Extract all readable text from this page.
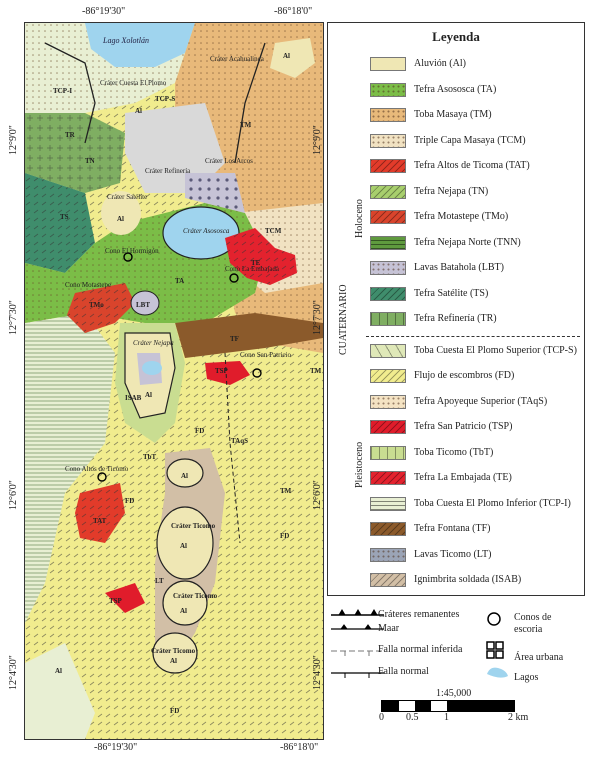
Lago Xolotlán
Cráter Acahualinca
Cráter Cuesta El Plomo
Cráter Refinería
Cráter Los Arcos
Cráter Satélite
Cráter Asososca
Cono El Hormigón
Cono Motastepe
Cono La Embajada
Cráter Nejapa
Cono San Patricio
Cono Altos de Ticomo
Cráter Ticomo
Cráter Ticomo
Cráter Ticomo
Al
Al
Al
Al
Al
Al
Al
Al
Al
TCP-I
TCP-S
TR
TS
TM
TM
TM
TCM
TE
TMo	LBT
ISAB
FD
FD
FD
FD
TAqS
TF
TbT
LT
TAT
TN
TA
TSP
TSP
-86°19'30"	-86°18'0"
-86°19'30"	-86°18'0"
12°9'0"
12°7'30"
12°6'0"
12°4'30"
12°9'0"
12°7'30"
12°6'0"
12°4'30"
Leyenda
Aluvión (Al)
Tefra Asososca (TA)
Toba Masaya (TM)
Triple Capa Masaya (TCM)
Tefra Altos de Ticoma (TAT)
Tefra Nejapa (TN)
Tefra Motastepe (TMo)
Tefra Nejapa Norte (TNN)
Lavas Batahola (LBT)
Tefra Satélite (TS)
Tefra Refinería (TR)
Toba Cuesta El Plomo Superior (TCP-S)
Flujo de escombros (FD)
Tefra Apoyeque Superior (TAqS)
Tefra San Patricio (TSP)
Toba Ticomo (TbT)
Tefra La Embajada (TE)
Toba Cuesta El Plomo Inferior (TCP-I)
Tefra Fontana (TF)
Lavas Ticomo (LT)
Ignimbrita soldada (ISAB)
CUATERNARIO
Holoceno
Pleistoceno
Cráteres remanentes
Maar
Falla normal inferida
Falla normal
Conos de
escoria
Área urbana
Lagos
1:45,000
0 0.5	1	2 km
